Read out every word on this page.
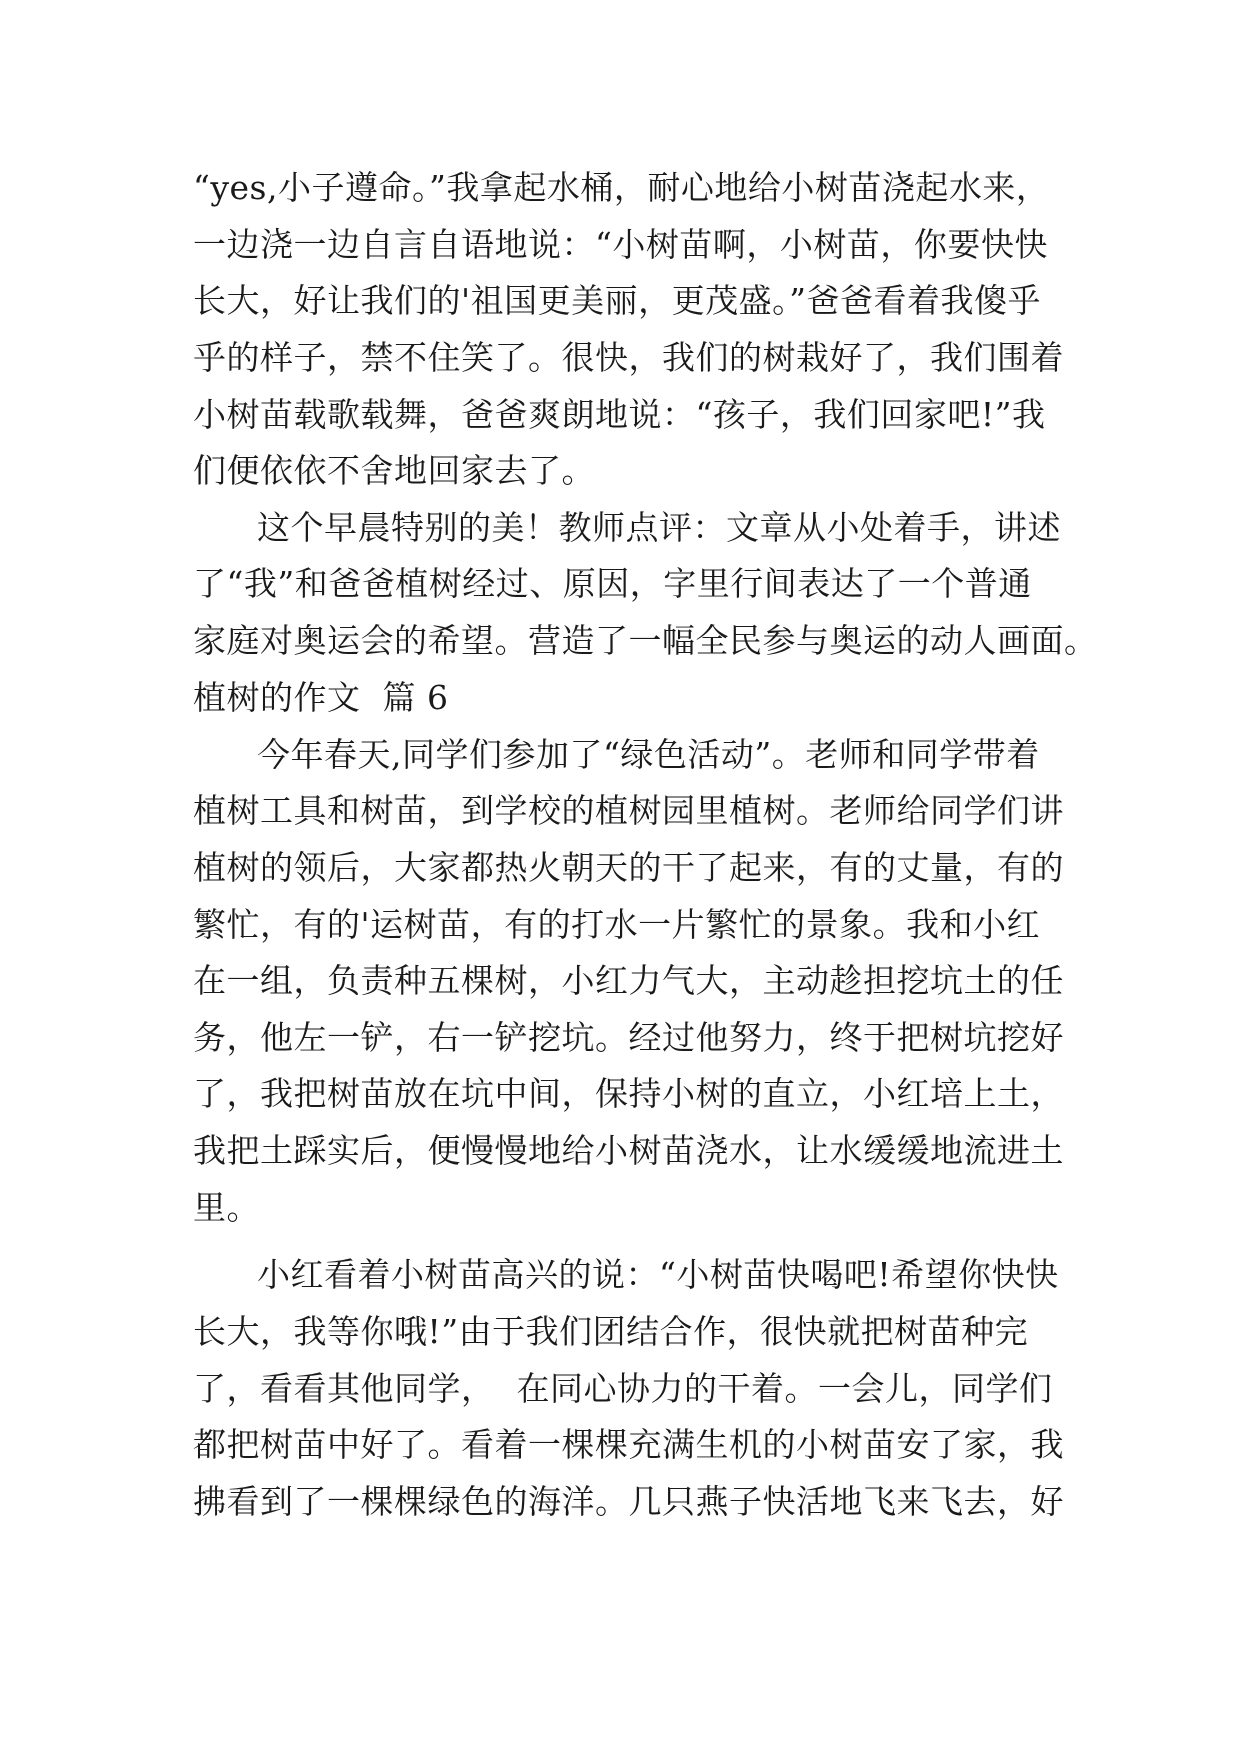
“yes,小子遵命。”我拿起水桶，耐心地给小树苗浇起水来，

一边浇一边自言自语地说：“小树苗啊，小树苗，你要快快

长大，好让我们的'祖国更美丽，更茂盛。”爸爸看着我傻乎

乎的样子，禁不住笑了。很快，我们的树栽好了，我们围着

小树苗载歌载舞，爸爸爽朗地说：“孩子，我们回家吧!”我

们便依依不舍地回家去了。

这个早晨特别的美！教师点评：文章从小处着手，讲述

了“我”和爸爸植树经过、原因，字里行间表达了一个普通

家庭对奥运会的希望。营造了一幅全民参与奥运的动人画面。

植树的作文  篇 6

今年春天,同学们参加了“绿色活动”。老师和同学带着

植树工具和树苗，到学校的植树园里植树。老师给同学们讲

植树的领后，大家都热火朝天的干了起来，有的丈量，有的

繁忙，有的'运树苗，有的打水一片繁忙的景象。我和小红

在一组，负责种五棵树，小红力气大，主动趁担挖坑土的任

务，他左一铲，右一铲挖坑。经过他努力，终于把树坑挖好

了，我把树苗放在坑中间，保持小树的直立，小红培上土，

我把土踩实后，便慢慢地给小树苗浇水，让水缓缓地流进土

里。

小红看着小树苗高兴的说：“小树苗快喝吧!希望你快快

长大，我等你哦!”由于我们团结合作，很快就把树苗种完

了，看看其他同学，  在同心协力的干着。一会儿，同学们

都把树苗中好了。看着一棵棵充满生机的小树苗安了家，我

拂看到了一棵棵绿色的海洋。几只燕子快活地飞来飞去，好
